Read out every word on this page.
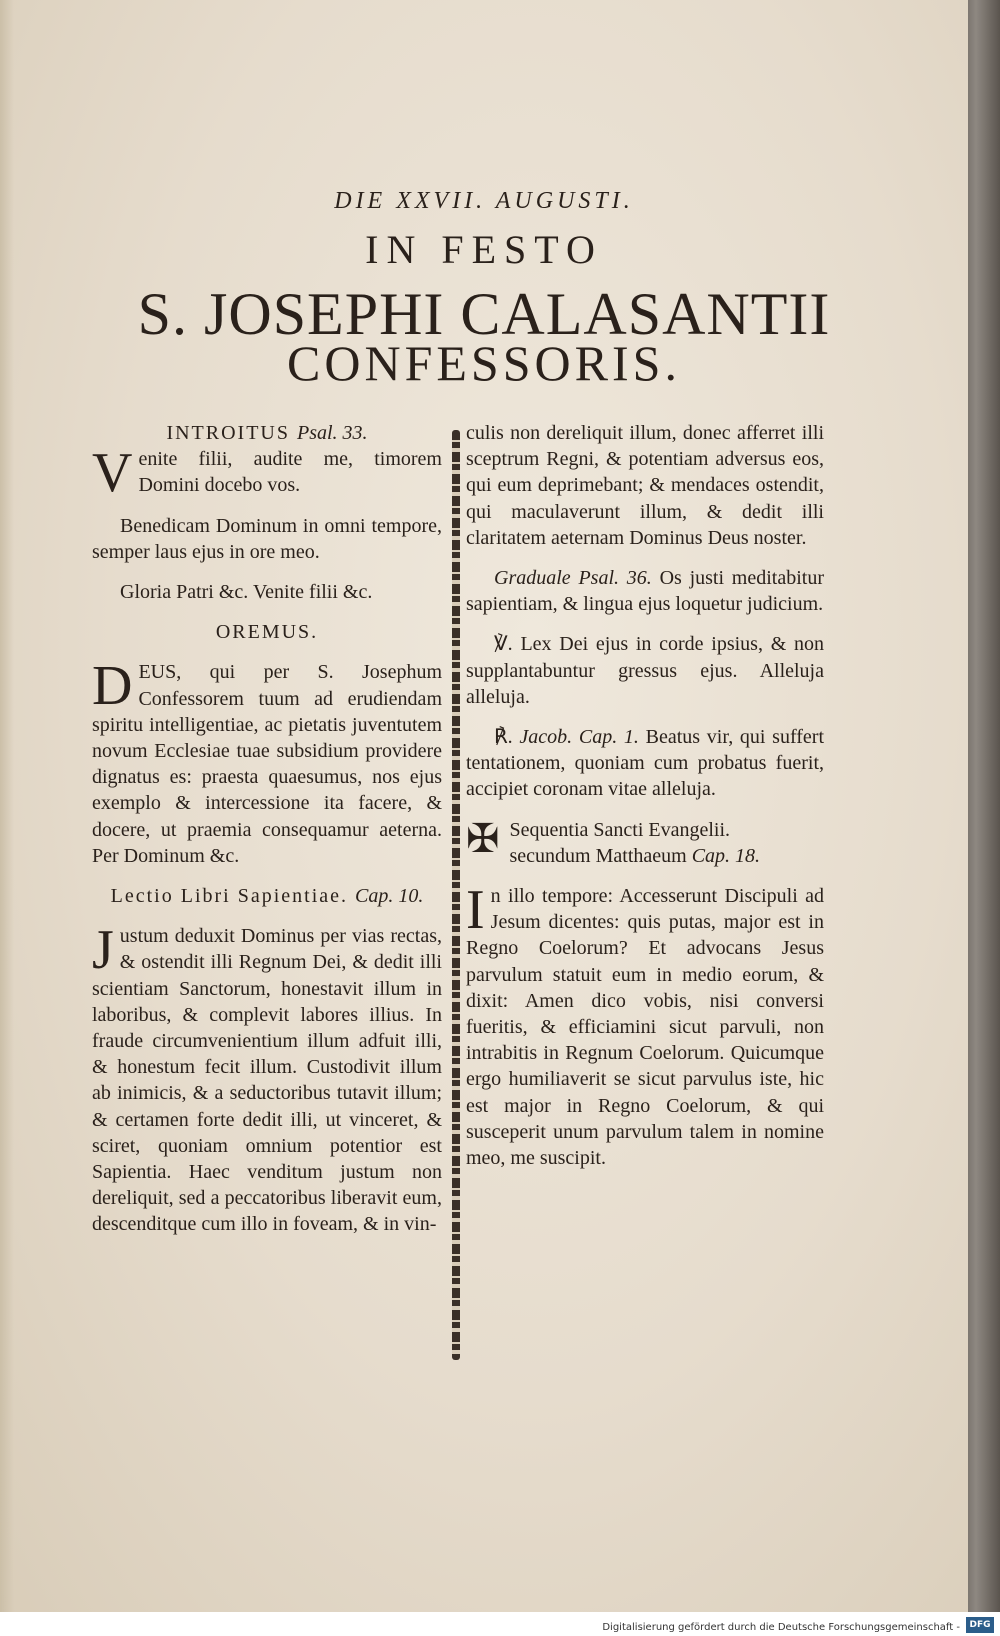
DIE XXVII. AUGUSTI.
IN FESTO
S. JOSEPHI CALASANTII
CONFESSORIS.

INTROITUS Psal. 33.

V enite filii, audite me, timorem Domini docebo vos.

Benedicam Dominum in omni tempore, semper laus ejus in ore meo.

Gloria Patri &c. Venite filii &c.

OREMUS.

D EUS, qui per S. Josephum Confessorem tuum ad erudiendam spiritu intelligentiae, ac pietatis juventutem novum Ecclesiae tuae subsidium providere dignatus es: praesta quaesumus, nos ejus exemplo & intercessione ita facere, & docere, ut praemia consequamur aeterna. Per Dominum &c.

Lectio Libri Sapientiae. Cap. 10.

J ustum deduxit Dominus per vias rectas, & ostendit illi Regnum Dei, & dedit illi scientiam Sanctorum, honestavit illum in laboribus, & complevit labores illius. In fraude circumvenientium illum adfuit illi, & honestum fecit illum. Custodivit illum ab inimicis, & a seductoribus tutavit illum; & certamen forte dedit illi, ut vinceret, & sciret, quoniam omnium potentior est Sapientia. Haec venditum justum non dereliquit, sed a peccatoribus liberavit eum, descenditque cum illo in foveam, & in vin-

culis non dereliquit illum, donec afferret illi sceptrum Regni, & potentiam adversus eos, qui eum deprimebant; & mendaces ostendit, qui maculaverunt illum, & dedit illi claritatem aeternam Dominus Deus noster.

Graduale Psal. 36. Os justi meditabitur sapientiam, & lingua ejus loquetur judicium.

℣. Lex Dei ejus in corde ipsius, & non supplantabuntur gressus ejus. Alleluja alleluja.

℟. Jacob. Cap. 1. Beatus vir, qui suffert tentationem, quoniam cum probatus fuerit, accipiet coronam vitae alleluja.

✠ Sequentia Sancti Evangelii.
secundum Matthaeum Cap. 18.

I n illo tempore: Accesserunt Discipuli ad Jesum dicentes: quis putas, major est in Regno Coelorum? Et advocans Jesus parvulum statuit eum in medio eorum, & dixit: Amen dico vobis, nisi conversi fueritis, & efficiamini sicut parvuli, non intrabitis in Regnum Coelorum. Quicumque ergo humiliaverit se sicut parvulus iste, hic est major in Regno Coelorum, & qui susceperit unum parvulum talem in nomine meo, me suscipit.

Digitalisierung gefördert durch die Deutsche Forschungsgemeinschaft -	DFG
